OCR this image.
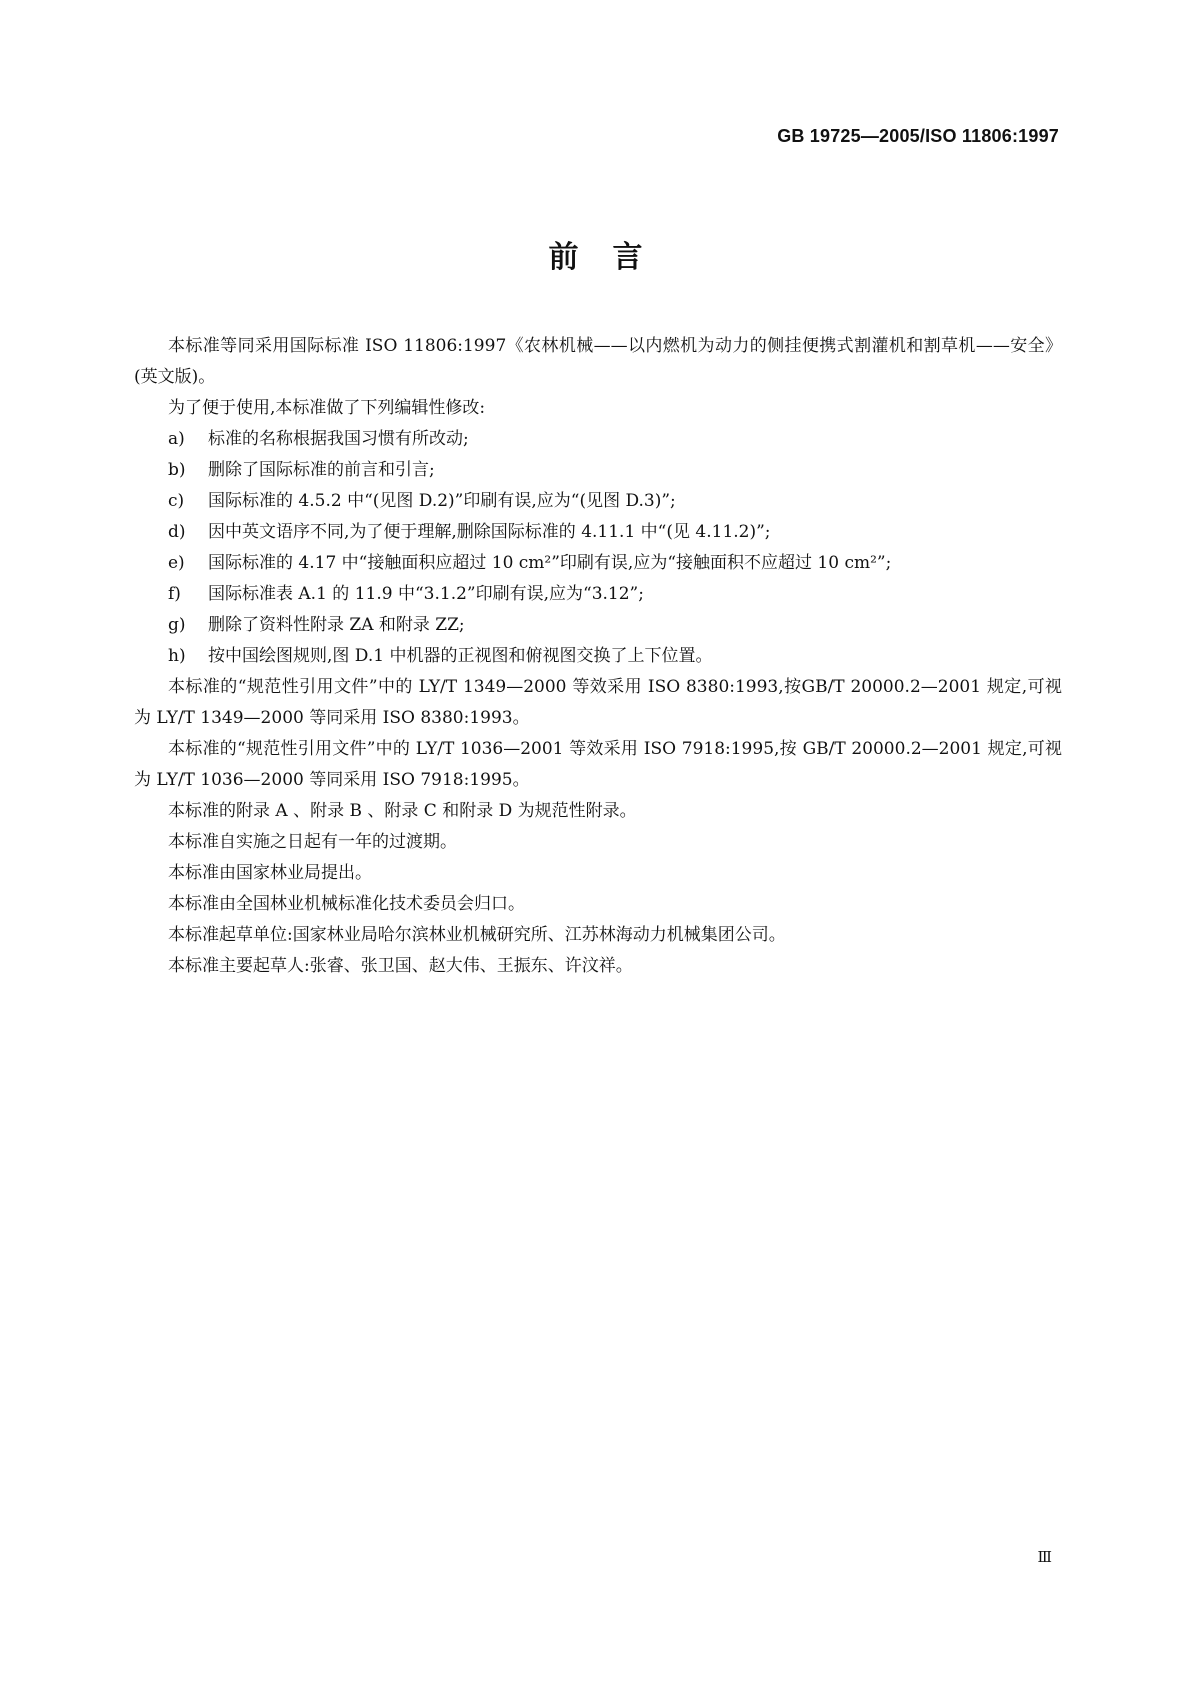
GB 19725—2005/ISO 11806:1997
前言

本标准等同采用国际标准 ISO 11806:1997《农林机械——以内燃机为动力的侧挂便携式割灌机和割草机——安全》(英文版)。

为了便于使用,本标准做了下列编辑性修改:

a) 标准的名称根据我国习惯有所改动;

b) 删除了国际标准的前言和引言;

c) 国际标准的 4.5.2 中“(见图 D.2)”印刷有误,应为“(见图 D.3)”;

d) 因中英文语序不同,为了便于理解,删除国际标准的 4.11.1 中“(见 4.11.2)”;

e) 国际标准的 4.17 中“接触面积应超过 10 cm²”印刷有误,应为“接触面积不应超过 10 cm²”;

f) 国际标准表 A.1 的 11.9 中“3.1.2”印刷有误,应为“3.12”;

g) 删除了资料性附录 ZA 和附录 ZZ;

h) 按中国绘图规则,图 D.1 中机器的正视图和俯视图交换了上下位置。

本标准的“规范性引用文件”中的 LY/T 1349—2000 等效采用 ISO 8380:1993,按GB/T 20000.2—2001 规定,可视为 LY/T 1349—2000 等同采用 ISO 8380:1993。

本标准的“规范性引用文件”中的 LY/T 1036—2001 等效采用 ISO 7918:1995,按 GB/T 20000.2—2001 规定,可视为 LY/T 1036—2000 等同采用 ISO 7918:1995。

本标准的附录 A 、附录 B 、附录 C 和附录 D 为规范性附录。

本标准自实施之日起有一年的过渡期。

本标准由国家林业局提出。

本标准由全国林业机械标准化技术委员会归口。

本标准起草单位:国家林业局哈尔滨林业机械研究所、江苏林海动力机械集团公司。

本标准主要起草人:张睿、张卫国、赵大伟、王振东、许汶祥。

Ⅲ
